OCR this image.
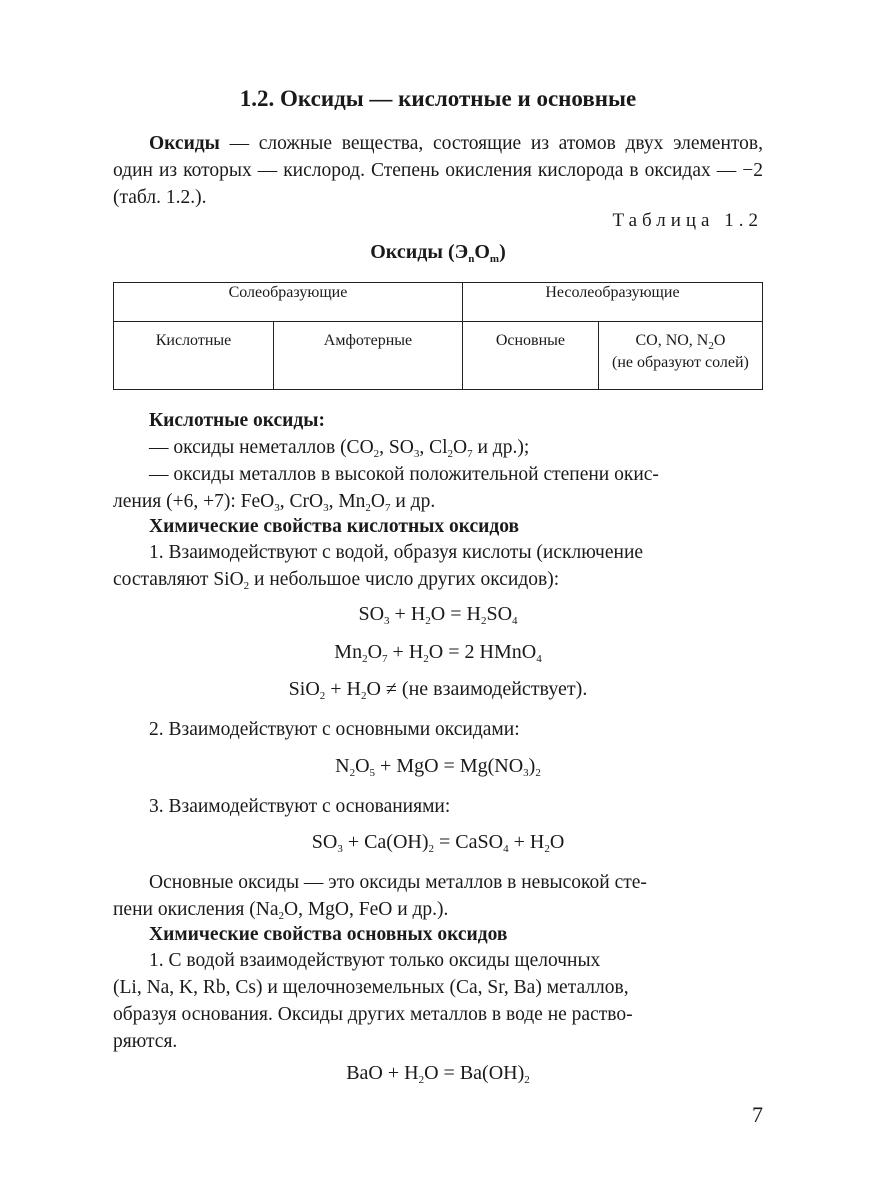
1.2. Оксиды — кислотные и основные
Оксиды — сложные вещества, состоящие из атомов двух элементов, один из которых — кислород. Степень окисления кислорода в оксидах — −2 (табл. 1.2.).
Таблица 1.2
Оксиды $(Э_nO_m)$
Солеобразующие		Несолеобразующие	
Кислотные	Амфотерные	Основные	CO, NO, $N_2O$
(не образуют солей)
Кислотные оксиды:
— оксиды неметаллов ($CO_2$, $SO_3$, $Cl_2O_7$ и др.);
— оксиды металлов в высокой положительной степени окис-
ления (+6, +7): FeO$_3$, CrO$_3$, $Mn_2O_7$ и др.
Химические свойства кислотных оксидов
1. Взаимодействуют с водой, образуя кислоты (исключение
составляют SiO$_2$ и небольшое число других оксидов):
$SO_3 + H_2O = H_2SO_4$
$Mn_2O_7 + H_2O = 2$ HMnO$_4$
$SiO_2 + H_2O \ne (не$ взаимодействует).
2. Взаимодействуют с основными оксидами:
$N_2O_5$ + MgO = $Mg(NO_3)_2$
3. Взаимодействуют с основаниями:
$SO_3 + Ca(OH)_2$ = CaSO$_4$ + $H_2O$
Основные оксиды — это оксиды металлов в невысокой сте-
пени окисления ($Na_2O$, MgO, FeO и др.).
Химические свойства основных оксидов
1. С водой взаимодействуют только оксиды щелочных
(Li, Na, K, Rb, Cs) и щелочноземельных (Ca, Sr, Ba) металлов,
образуя основания. Оксиды других металлов в воде не раство-
ряются.
BaO + $H_2O = Ba(OH)_2$
7
